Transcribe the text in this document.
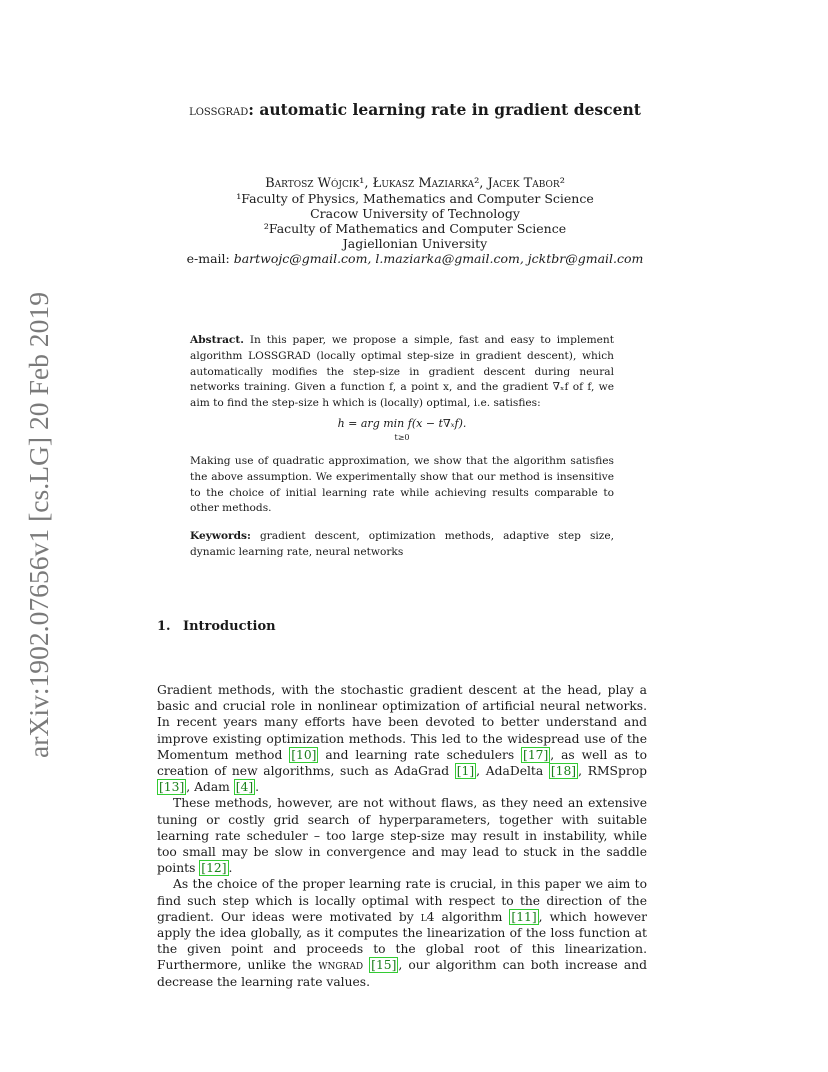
arXiv:1902.07656v1 [cs.LG] 20 Feb 2019
lossgrad: automatic learning rate in gradient descent
Bartosz Wójcik¹, Łukasz Maziarka², Jacek Tabor²
¹Faculty of Physics, Mathematics and Computer Science
Cracow University of Technology
²Faculty of Mathematics and Computer Science
Jagiellonian University
e-mail: bartwojc@gmail.com, l.maziarka@gmail.com, jcktbr@gmail.com
Abstract. In this paper, we propose a simple, fast and easy to implement algorithm LOSSGRAD (locally optimal step-size in gradient descent), which automatically modifies the step-size in gradient descent during neural networks training. Given a function f, a point x, and the gradient ∇ₓf of f, we aim to find the step-size h which is (locally) optimal, i.e. satisfies:
h = arg min f(x − t∇ₓf).
t≥0
Making use of quadratic approximation, we show that the algorithm satisfies the above assumption. We experimentally show that our method is insensitive to the choice of initial learning rate while achieving results comparable to other methods.
Keywords: gradient descent, optimization methods, adaptive step size, dynamic learning rate, neural networks
1. Introduction

Gradient methods, with the stochastic gradient descent at the head, play a basic and crucial role in nonlinear optimization of artificial neural networks. In recent years many efforts have been devoted to better understand and improve existing optimization methods. This led to the widespread use of the Momentum method [10] and learning rate schedulers [17] , as well as to creation of new algorithms, such as AdaGrad [1] , AdaDelta [18] , RMSprop [13] , Adam [4] .

These methods, however, are not without flaws, as they need an extensive tuning or costly grid search of hyperparameters, together with suitable learning rate scheduler – too large step-size may result in instability, while too small may be slow in convergence and may lead to stuck in the saddle points [12] .

As the choice of the proper learning rate is crucial, in this paper we aim to find such step which is locally optimal with respect to the direction of the gradient. Our ideas were motivated by l4 algorithm [11] , which however apply the idea globally, as it computes the linearization of the loss function at the given point and proceeds to the global root of this linearization. Furthermore, unlike the wngrad [15] , our algorithm can both increase and decrease the learning rate values.
